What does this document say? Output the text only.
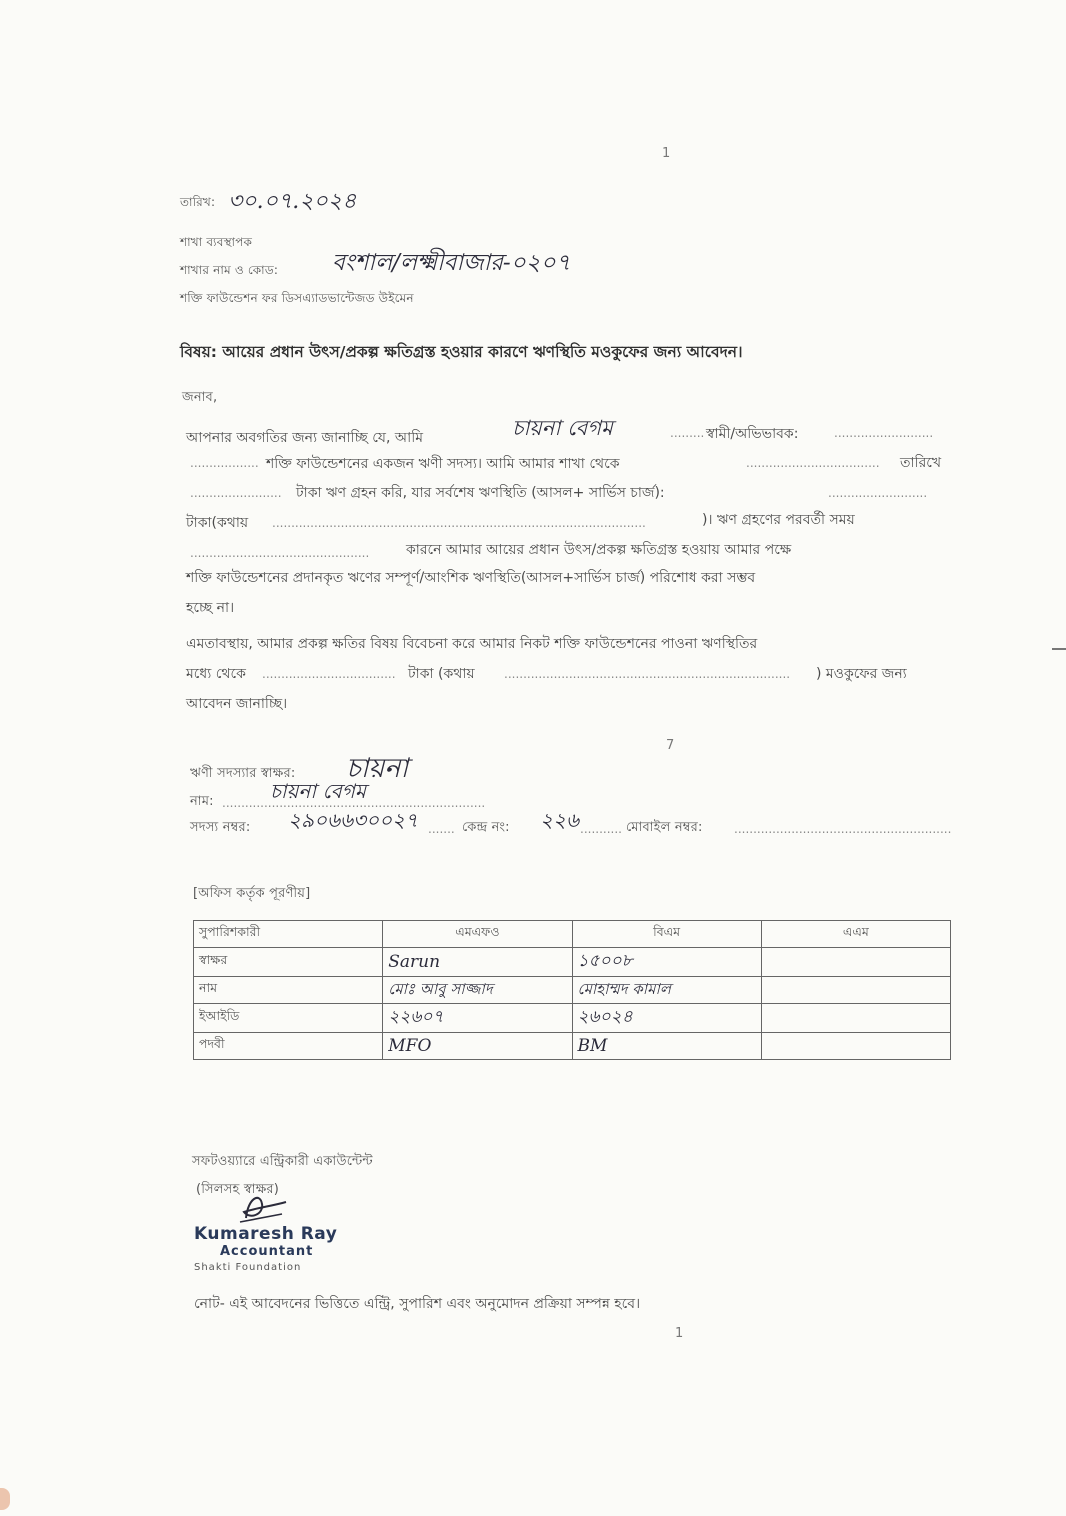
1
7
1
তারিখ: ৩০.০৭.২০২৪
শাখা ব্যবস্থাপক
শাখার নাম ও কোড: বংশাল/লক্ষ্মীবাজার-০২০৭
শক্তি ফাউন্ডেশন ফর ডিসএ্যাডভান্টেজড উইমেন
বিষয়: আয়ের প্রধান উৎস/প্রকল্প ক্ষতিগ্রস্ত হওয়ার কারণে ঋণস্থিতি মওকুফের জন্য আবেদন।
জনাব,
আপনার অবগতির জন্য জানাচ্ছি যে, আমি	চায়না বেগম	......... স্বামী/অভিভাবক:	..........................
.................. শক্তি ফাউন্ডেশনের একজন ঋণী সদস্য। আমি আমার শাখা থেকে	................................... তারিখে
........................ টাকা ঋণ গ্রহন করি, যার সর্বশেষ ঋণস্থিতি (আসল+ সার্ভিস চার্জ):	..........................
টাকা(কথায় ..................................................................................................	)। ঋণ গ্রহণের পরবর্তী সময়
...............................................	কারনে আমার আয়ের প্রধান উৎস/প্রকল্প ক্ষতিগ্রস্ত হওয়ায় আমার পক্ষে
শক্তি ফাউন্ডেশনের প্রদানকৃত ঋণের সম্পূর্ণ/আংশিক ঋণস্থিতি(আসল+সার্ভিস চার্জ) পরিশোধ করা সম্ভব
হচ্ছে না।
এমতাবস্থায়, আমার প্রকল্প ক্ষতির বিষয় বিবেচনা করে আমার নিকট শক্তি ফাউন্ডেশনের পাওনা ঋণস্থিতির
মধ্যে থেকে ................................... টাকা (কথায় ........................................................................... ) মওকুফের জন্য
আবেদন জানাচ্ছি।
ঋণী সদস্যার স্বাক্ষর: চায়না
নাম: .....................................................................
চায়না বেগম
সদস্য নম্বর: ২৯০৬৬৩০০২৭ ....... কেন্দ্র নং: ২২৬ ........... মোবাইল নম্বর:	.........................................................
[অফিস কর্তৃক পূরণীয়]
সুপারিশকারী	এমএফও	বিএম	এএম
স্বাক্ষর	Sarun	১৫০০৮	
নাম	মোঃ আবু সাজ্জাদ	মোহাম্মদ কামাল	
ইআইডি	২২৬০৭	২৬০২৪	
পদবী	MFO	BM	
সফটওয়্যারে এন্ট্রিকারী একাউন্টেন্ট
(সিলসহ স্বাক্ষর)
Kumaresh Ray
Accountant
Shakti Foundation
নোট- এই আবেদনের ভিত্তিতে এন্ট্রি, সুপারিশ এবং অনুমোদন প্রক্রিয়া সম্পন্ন হবে।
